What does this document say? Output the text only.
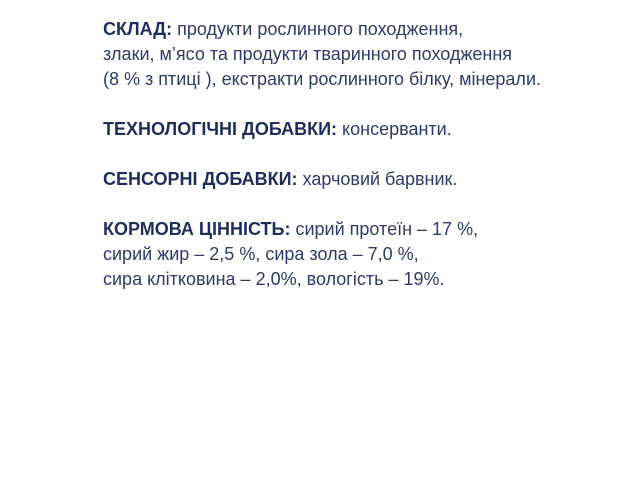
СКЛАД: продукти рослинного походження,
злаки, м’ясо та продукти тваринного походження
(8 % з птиці ), екстракти рослинного білку, мінерали.

ТЕХНОЛОГІЧНІ ДОБАВКИ: консерванти.

СЕНСОРНІ ДОБАВКИ: харчовий барвник.

КОРМОВА ЦІННІСТЬ: сирий протеїн – 17 %,
сирий жир – 2,5 %, сира зола – 7,0 %,
сира клітковина – 2,0%, вологість – 19%.
